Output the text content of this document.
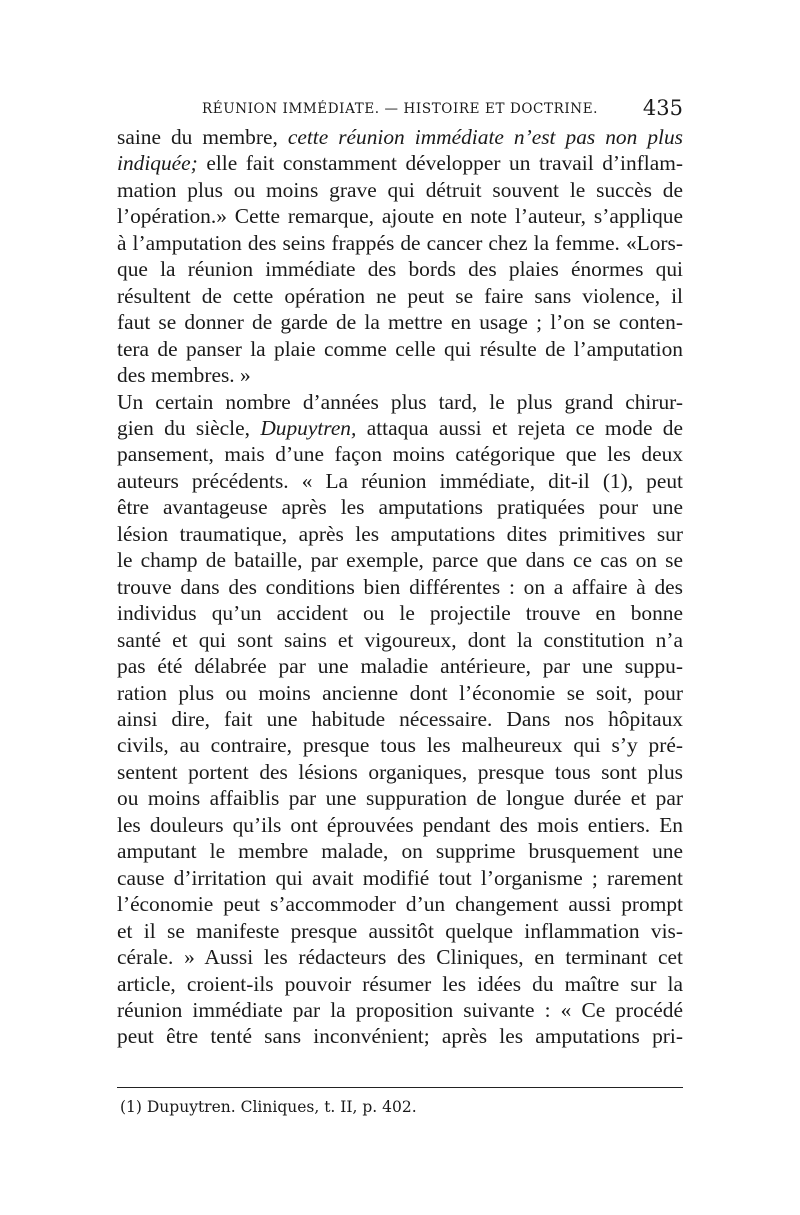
RÉUNION IMMÉDIATE. — HISTOIRE ET DOCTRINE. 435

saine du membre, cette réunion immédiate n’est pas non plus
indiquée; elle fait constamment développer un travail d’inflam-
mation plus ou moins grave qui détruit souvent le succès de
l’opération.» Cette remarque, ajoute en note l’auteur, s’applique
à l’amputation des seins frappés de cancer chez la femme. «Lors-
que la réunion immédiate des bords des plaies énormes qui
résultent de cette opération ne peut se faire sans violence, il
faut se donner de garde de la mettre en usage ; l’on se conten-
tera de panser la plaie comme celle qui résulte de l’amputation
des membres. »

Un certain nombre d’années plus tard, le plus grand chirur-
gien du siècle, Dupuytren, attaqua aussi et rejeta ce mode de
pansement, mais d’une façon moins catégorique que les deux
auteurs précédents. « La réunion immédiate, dit-il (1), peut
être avantageuse après les amputations pratiquées pour une
lésion traumatique, après les amputations dites primitives sur
le champ de bataille, par exemple, parce que dans ce cas on se
trouve dans des conditions bien différentes : on a affaire à des
individus qu’un accident ou le projectile trouve en bonne
santé et qui sont sains et vigoureux, dont la constitution n’a
pas été délabrée par une maladie antérieure, par une suppu-
ration plus ou moins ancienne dont l’économie se soit, pour
ainsi dire, fait une habitude nécessaire. Dans nos hôpitaux
civils, au contraire, presque tous les malheureux qui s’y pré-
sentent portent des lésions organiques, presque tous sont plus
ou moins affaiblis par une suppuration de longue durée et par
les douleurs qu’ils ont éprouvées pendant des mois entiers. En
amputant le membre malade, on supprime brusquement une
cause d’irritation qui avait modifié tout l’organisme ; rarement
l’économie peut s’accommoder d’un changement aussi prompt
et il se manifeste presque aussitôt quelque inflammation vis-
cérale. » Aussi les rédacteurs des Cliniques, en terminant cet
article, croient-ils pouvoir résumer les idées du maître sur la
réunion immédiate par la proposition suivante : « Ce procédé
peut être tenté sans inconvénient; après les amputations pri-

(1) Dupuytren. Cliniques, t. II, p. 402.
